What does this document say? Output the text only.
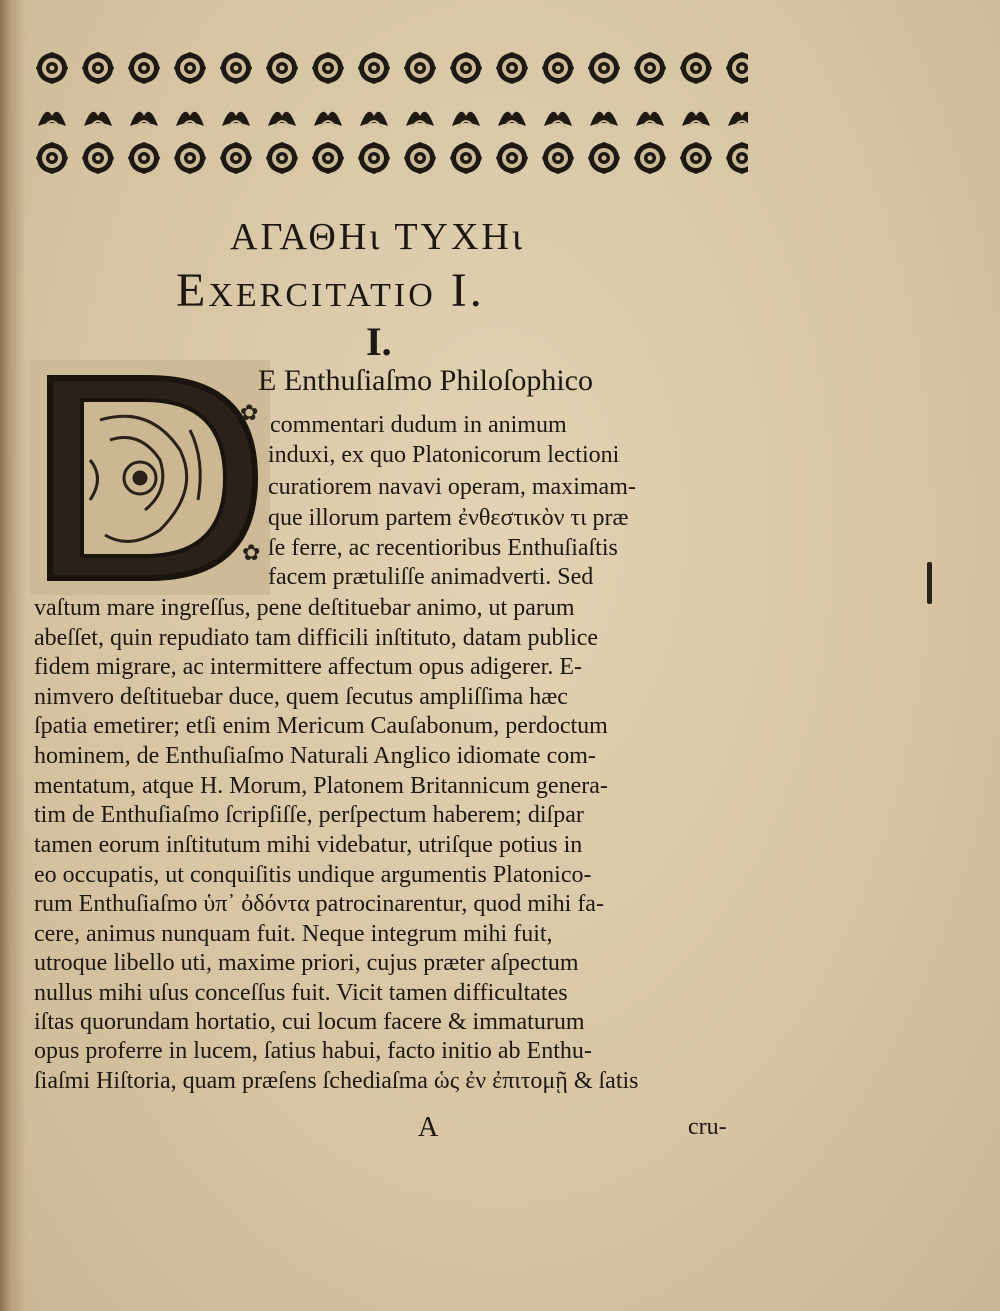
ΑΓΑΘΗι ΤΥΧΗι
Exercitatio I.
I.
✿
✿
E Enthuſiaſmo Philoſophico
commentari dudum in animum
induxi, ex quo Platonicorum lectioni
curatiorem navavi operam, maximam-
que illorum partem ἐνθεστικὸν τι præ
ſe ferre, ac recentioribus Enthuſiaſtis
facem prætuliſſe animadverti. Sed
vaſtum mare ingreſſus, pene deſtituebar animo, ut parum
abeſſet, quin repudiato tam difficili inſtituto, datam publice
fidem migrare, ac intermittere affectum opus adigerer. E-
nimvero deſtituebar duce, quem ſecutus ampliſſima hæc
ſpatia emetirer; etſi enim Mericum Cauſabonum, perdoctum
hominem, de Enthuſiaſmo Naturali Anglico idiomate com-
mentatum, atque H. Morum, Platonem Britannicum genera-
tim de Enthuſiaſmo ſcripſiſſe, perſpectum haberem; diſpar
tamen eorum inſtitutum mihi videbatur, utriſque potius in
eo occupatis, ut conquiſitis undique argumentis Platonico-
rum Enthuſiaſmo ὑπ᾽ ὀδόντα patrocinarentur, quod mihi fa-
cere, animus nunquam fuit. Neque integrum mihi fuit,
utroque libello uti, maxime priori, cujus præter aſpectum
nullus mihi uſus conceſſus fuit. Vicit tamen difficultates
iſtas quorundam hortatio, cui locum facere & immaturum
opus proferre in lucem, ſatius habui, facto initio ab Enthu-
ſiaſmi Hiſtoria, quam præſens ſchediaſma ὡς ἐν ἐπιτομῇ & ſatis
A	cru-
